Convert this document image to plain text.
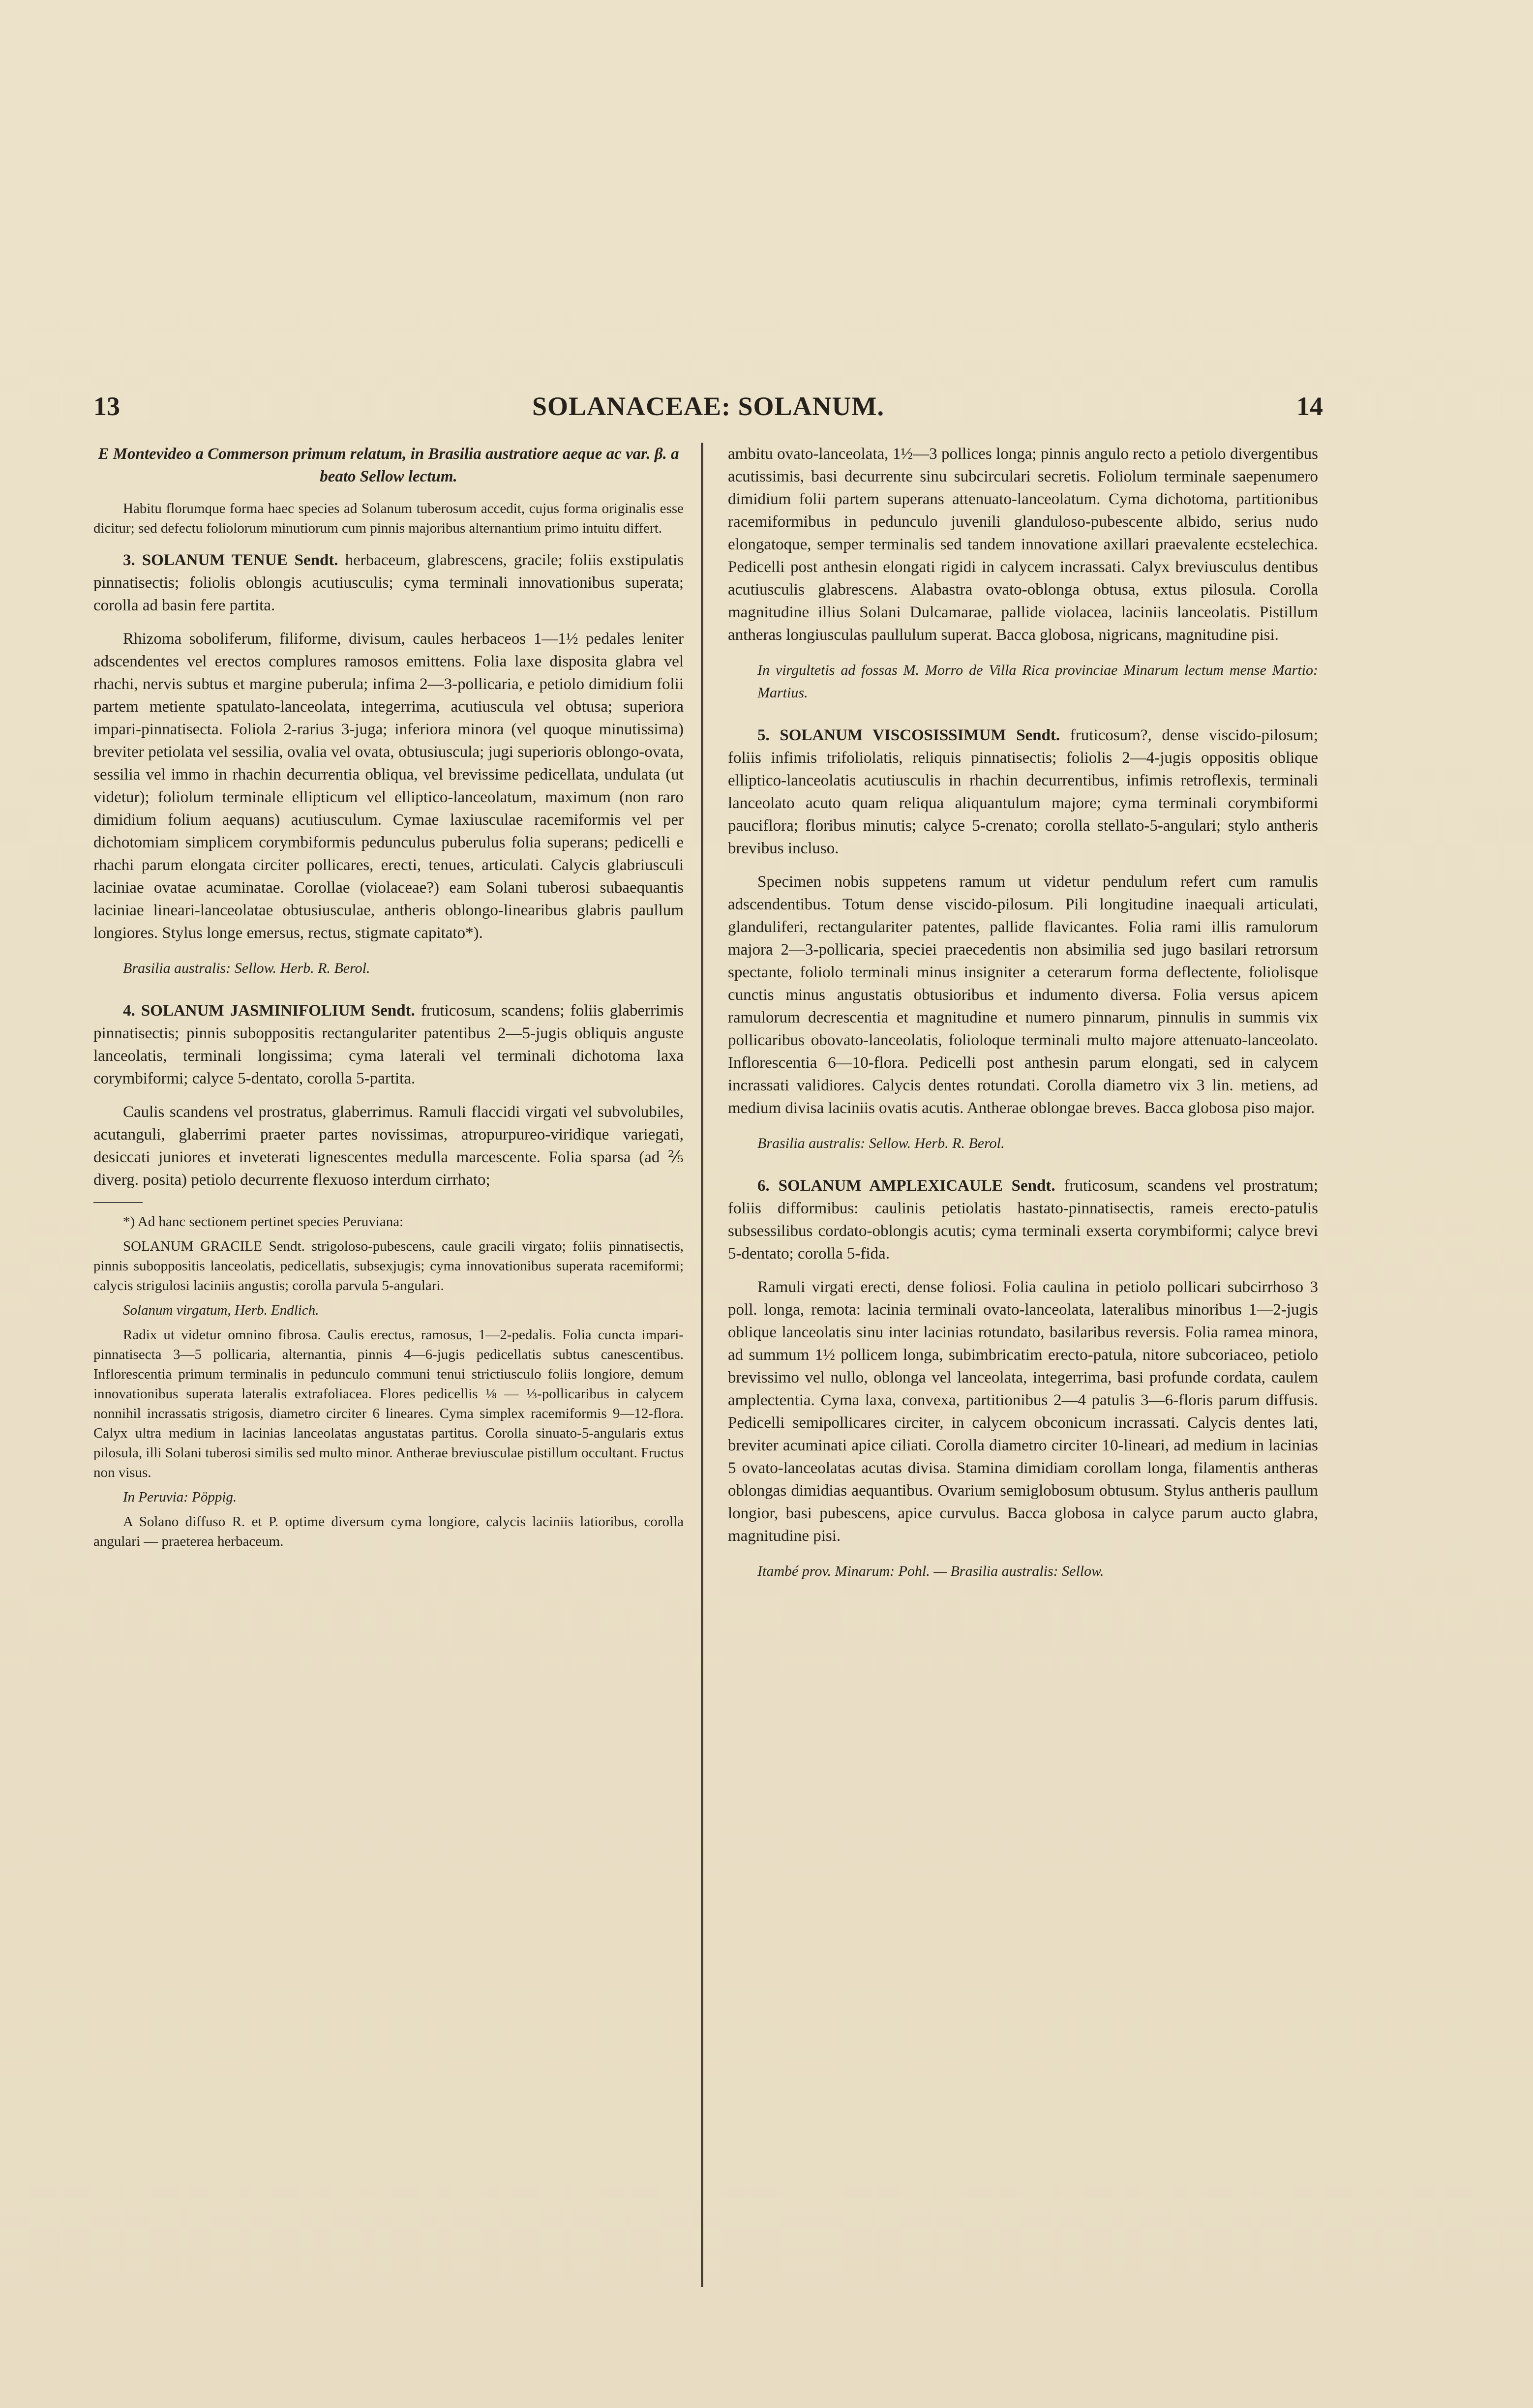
13	SOLANACEAE: SOLANUM.	14

E Montevideo a Commerson primum relatum, in Brasilia austratiore aeque ac var. β. a beato Sellow lectum.

Habitu florumque forma haec species ad Solanum tuberosum accedit, cujus forma originalis esse dicitur; sed defectu foliolorum minutiorum cum pinnis majoribus alternantium primo intuitu differt.

3. SOLANUM TENUE Sendt. herbaceum, glabrescens, gracile; foliis exstipulatis pinnatisectis; foliolis oblongis acutiusculis; cyma terminali innovationibus superata; corolla ad basin fere partita.

Rhizoma soboliferum, filiforme, divisum, caules herbaceos 1—1½ pedales leniter adscendentes vel erectos complures ramosos emittens. Folia laxe disposita glabra vel rhachi, nervis subtus et margine puberula; infima 2—3-pollicaria, e petiolo dimidium folii partem metiente spatulato-lanceolata, integerrima, acutiuscula vel obtusa; superiora impari-pinnatisecta. Foliola 2-rarius 3-juga; inferiora minora (vel quoque minutissima) breviter petiolata vel sessilia, ovalia vel ovata, obtusiuscula; jugi superioris oblongo-ovata, sessilia vel immo in rhachin decurrentia obliqua, vel brevissime pedicellata, undulata (ut videtur); foliolum terminale ellipticum vel elliptico-lanceolatum, maximum (non raro dimidium folium aequans) acutiusculum. Cymae laxiusculae racemiformis vel per dichotomiam simplicem corymbiformis pedunculus puberulus folia superans; pedicelli e rhachi parum elongata circiter pollicares, erecti, tenues, articulati. Calycis glabriusculi laciniae ovatae acuminatae. Corollae (violaceae?) eam Solani tuberosi subaequantis laciniae lineari-lanceolatae obtusiusculae, antheris oblongo-linearibus glabris paullum longiores. Stylus longe emersus, rectus, stigmate capitato*).

Brasilia australis: Sellow. Herb. R. Berol.

4. SOLANUM JASMINIFOLIUM Sendt. fruticosum, scandens; foliis glaberrimis pinnatisectis; pinnis suboppositis rectangulariter patentibus 2—5-jugis obliquis anguste lanceolatis, terminali longissima; cyma laterali vel terminali dichotoma laxa corymbiformi; calyce 5-dentato, corolla 5-partita.

Caulis scandens vel prostratus, glaberrimus. Ramuli flaccidi virgati vel subvolubiles, acutanguli, glaberrimi praeter partes novissimas, atropurpureo-viridique variegati, desiccati juniores et inveterati lignescentes medulla marcescente. Folia sparsa (ad ⅖ diverg. posita) petiolo decurrente flexuoso interdum cirrhato;

*) Ad hanc sectionem pertinet species Peruviana:

SOLANUM GRACILE Sendt. strigoloso-pubescens, caule gracili virgato; foliis pinnatisectis, pinnis suboppositis lanceolatis, pedicellatis, subsexjugis; cyma innovationibus superata racemiformi; calycis strigulosi laciniis angustis; corolla parvula 5-angulari.

Solanum virgatum, Herb. Endlich.

Radix ut videtur omnino fibrosa. Caulis erectus, ramosus, 1—2-pedalis. Folia cuncta impari-pinnatisecta 3—5 pollicaria, alternantia, pinnis 4—6-jugis pedicellatis subtus canescentibus. Inflorescentia primum terminalis in pedunculo communi tenui strictiusculo foliis longiore, demum innovationibus superata lateralis extrafoliacea. Flores pedicellis ⅛ — ⅓-pollicaribus in calycem nonnihil incrassatis strigosis, diametro circiter 6 lineares. Cyma simplex racemiformis 9—12-flora. Calyx ultra medium in lacinias lanceolatas angustatas partitus. Corolla sinuato-5-angularis extus pilosula, illi Solani tuberosi similis sed multo minor. Antherae breviusculae pistillum occultant. Fructus non visus.

In Peruvia: Pöppig.

A Solano diffuso R. et P. optime diversum cyma longiore, calycis laciniis latioribus, corolla angulari — praeterea herbaceum.

ambitu ovato-lanceolata, 1½—3 pollices longa; pinnis angulo recto a petiolo divergentibus acutissimis, basi decurrente sinu subcirculari secretis. Foliolum terminale saepenumero dimidium folii partem superans attenuato-lanceolatum. Cyma dichotoma, partitionibus racemiformibus in pedunculo juvenili glanduloso-pubescente albido, serius nudo elongatoque, semper terminalis sed tandem innovatione axillari praevalente ecstelechica. Pedicelli post anthesin elongati rigidi in calycem incrassati. Calyx breviusculus dentibus acutiusculis glabrescens. Alabastra ovato-oblonga obtusa, extus pilosula. Corolla magnitudine illius Solani Dulcamarae, pallide violacea, laciniis lanceolatis. Pistillum antheras longiusculas paullulum superat. Bacca globosa, nigricans, magnitudine pisi.

In virgultetis ad fossas M. Morro de Villa Rica provinciae Minarum lectum mense Martio: Martius.

5. SOLANUM VISCOSISSIMUM Sendt. fruticosum?, dense viscido-pilosum; foliis infimis trifoliolatis, reliquis pinnatisectis; foliolis 2—4-jugis oppositis oblique elliptico-lanceolatis acutiusculis in rhachin decurrentibus, infimis retroflexis, terminali lanceolato acuto quam reliqua aliquantulum majore; cyma terminali corymbiformi pauciflora; floribus minutis; calyce 5-crenato; corolla stellato-5-angulari; stylo antheris brevibus incluso.

Specimen nobis suppetens ramum ut videtur pendulum refert cum ramulis adscendentibus. Totum dense viscido-pilosum. Pili longitudine inaequali articulati, glanduliferi, rectangulariter patentes, pallide flavicantes. Folia rami illis ramulorum majora 2—3-pollicaria, speciei praecedentis non absimilia sed jugo basilari retrorsum spectante, foliolo terminali minus insigniter a ceterarum forma deflectente, foliolisque cunctis minus angustatis obtusioribus et indumento diversa. Folia versus apicem ramulorum decrescentia et magnitudine et numero pinnarum, pinnulis in summis vix pollicaribus obovato-lanceolatis, folioloque terminali multo majore attenuato-lanceolato. Inflorescentia 6—10-flora. Pedicelli post anthesin parum elongati, sed in calycem incrassati validiores. Calycis dentes rotundati. Corolla diametro vix 3 lin. metiens, ad medium divisa laciniis ovatis acutis. Antherae oblongae breves. Bacca globosa piso major.

Brasilia australis: Sellow. Herb. R. Berol.

6. SOLANUM AMPLEXICAULE Sendt. fruticosum, scandens vel prostratum; foliis difformibus: caulinis petiolatis hastato-pinnatisectis, rameis erecto-patulis subsessilibus cordato-oblongis acutis; cyma terminali exserta corymbiformi; calyce brevi 5-dentato; corolla 5-fida.

Ramuli virgati erecti, dense foliosi. Folia caulina in petiolo pollicari subcirrhoso 3 poll. longa, remota: lacinia terminali ovato-lanceolata, lateralibus minoribus 1—2-jugis oblique lanceolatis sinu inter lacinias rotundato, basilaribus reversis. Folia ramea minora, ad summum 1½ pollicem longa, subimbricatim erecto-patula, nitore subcoriaceo, petiolo brevissimo vel nullo, oblonga vel lanceolata, integerrima, basi profunde cordata, caulem amplectentia. Cyma laxa, convexa, partitionibus 2—4 patulis 3—6-floris parum diffusis. Pedicelli semipollicares circiter, in calycem obconicum incrassati. Calycis dentes lati, breviter acuminati apice ciliati. Corolla diametro circiter 10-lineari, ad medium in lacinias 5 ovato-lanceolatas acutas divisa. Stamina dimidiam corollam longa, filamentis antheras oblongas dimidias aequantibus. Ovarium semiglobosum obtusum. Stylus antheris paullum longior, basi pubescens, apice curvulus. Bacca globosa in calyce parum aucto glabra, magnitudine pisi.

Itambé prov. Minarum: Pohl. — Brasilia australis: Sellow.
